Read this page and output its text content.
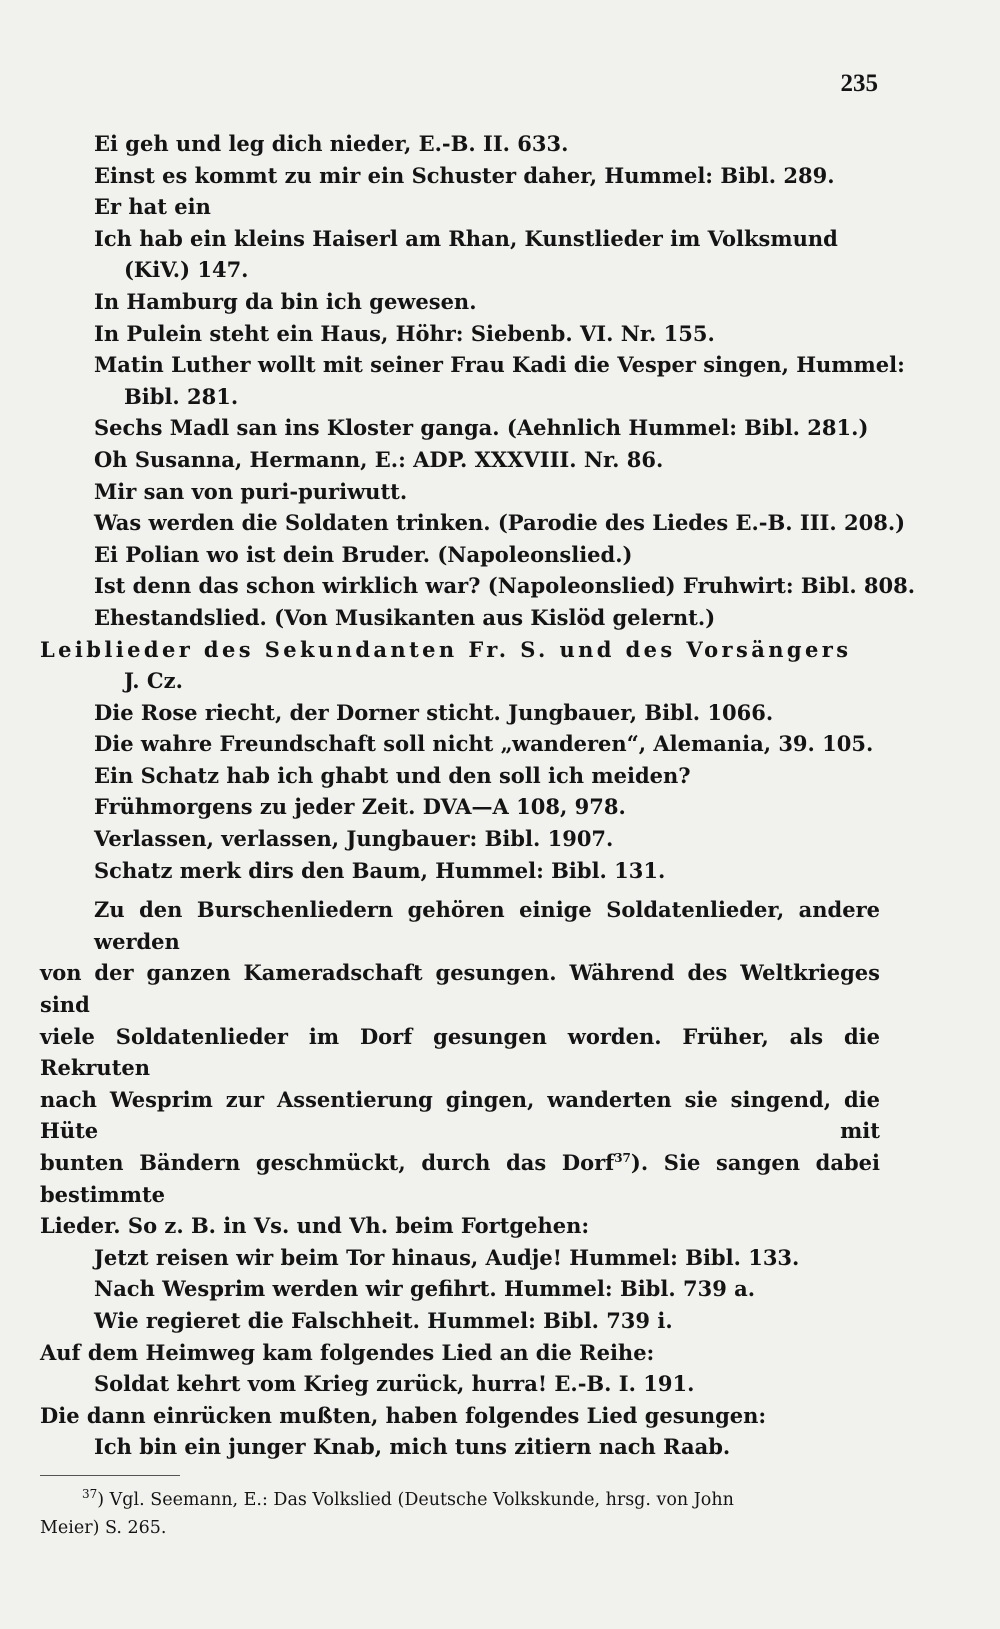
235
Ei geh und leg dich nieder, E.-B. II. 633.
Einst es kommt zu mir ein Schuster daher, Hummel: Bibl. 289.
Er hat ein
Ich hab ein kleins Haiserl am Rhan, Kunstlieder im Volksmund
(KiV.) 147.
In Hamburg da bin ich gewesen.
In Pulein steht ein Haus, Höhr: Siebenb. VI. Nr. 155.
Matin Luther wollt mit seiner Frau Kadi die Vesper singen, Hummel:
Bibl. 281.
Sechs Madl san ins Kloster ganga. (Aehnlich Hummel: Bibl. 281.)
Oh Susanna, Hermann, E.: ADP. XXXVIII. Nr. 86.
Mir san von puri-puriwutt.
Was werden die Soldaten trinken. (Parodie des Liedes E.-B. III. 208.)
Ei Polian wo ist dein Bruder. (Napoleonslied.)
Ist denn das schon wirklich war? (Napoleonslied) Fruhwirt: Bibl. 808.
Ehestandslied. (Von Musikanten aus Kislöd gelernt.)
Leiblieder des Sekundanten Fr. S. und des Vorsängers
J. Cz.
Die Rose riecht, der Dorner sticht. Jungbauer, Bibl. 1066.
Die wahre Freundschaft soll nicht „wanderen“, Alemania, 39. 105.
Ein Schatz hab ich ghabt und den soll ich meiden?
Frühmorgens zu jeder Zeit. DVA—A 108, 978.
Verlassen, verlassen, Jungbauer: Bibl. 1907.
Schatz merk dirs den Baum, Hummel: Bibl. 131.
Zu den Burschenliedern gehören einige Soldatenlieder, andere werden
von der ganzen Kameradschaft gesungen. Während des Weltkrieges sind
viele Soldatenlieder im Dorf gesungen worden. Früher, als die Rekruten
nach Wesprim zur Assentierung gingen, wanderten sie singend, die Hüte mit
bunten Bändern geschmückt, durch das Dorf$^{37}$). Sie sangen dabei bestimmte
Lieder. So z. B. in Vs. und Vh. beim Fortgehen:
Jetzt reisen wir beim Tor hinaus, Audje! Hummel: Bibl. 133.
Nach Wesprim werden wir gefihrt. Hummel: Bibl. 739 a.
Wie regieret die Falschheit. Hummel: Bibl. 739 i.
Auf dem Heimweg kam folgendes Lied an die Reihe:
Soldat kehrt vom Krieg zurück, hurra! E.-B. I. 191.
Die dann einrücken mußten, haben folgendes Lied gesungen:
Ich bin ein junger Knab, mich tuns zitiern nach Raab.
$^{37}$) Vgl. Seemann, E.: Das Volkslied (Deutsche Volkskunde, hrsg. von John
Meier) S. 265.
